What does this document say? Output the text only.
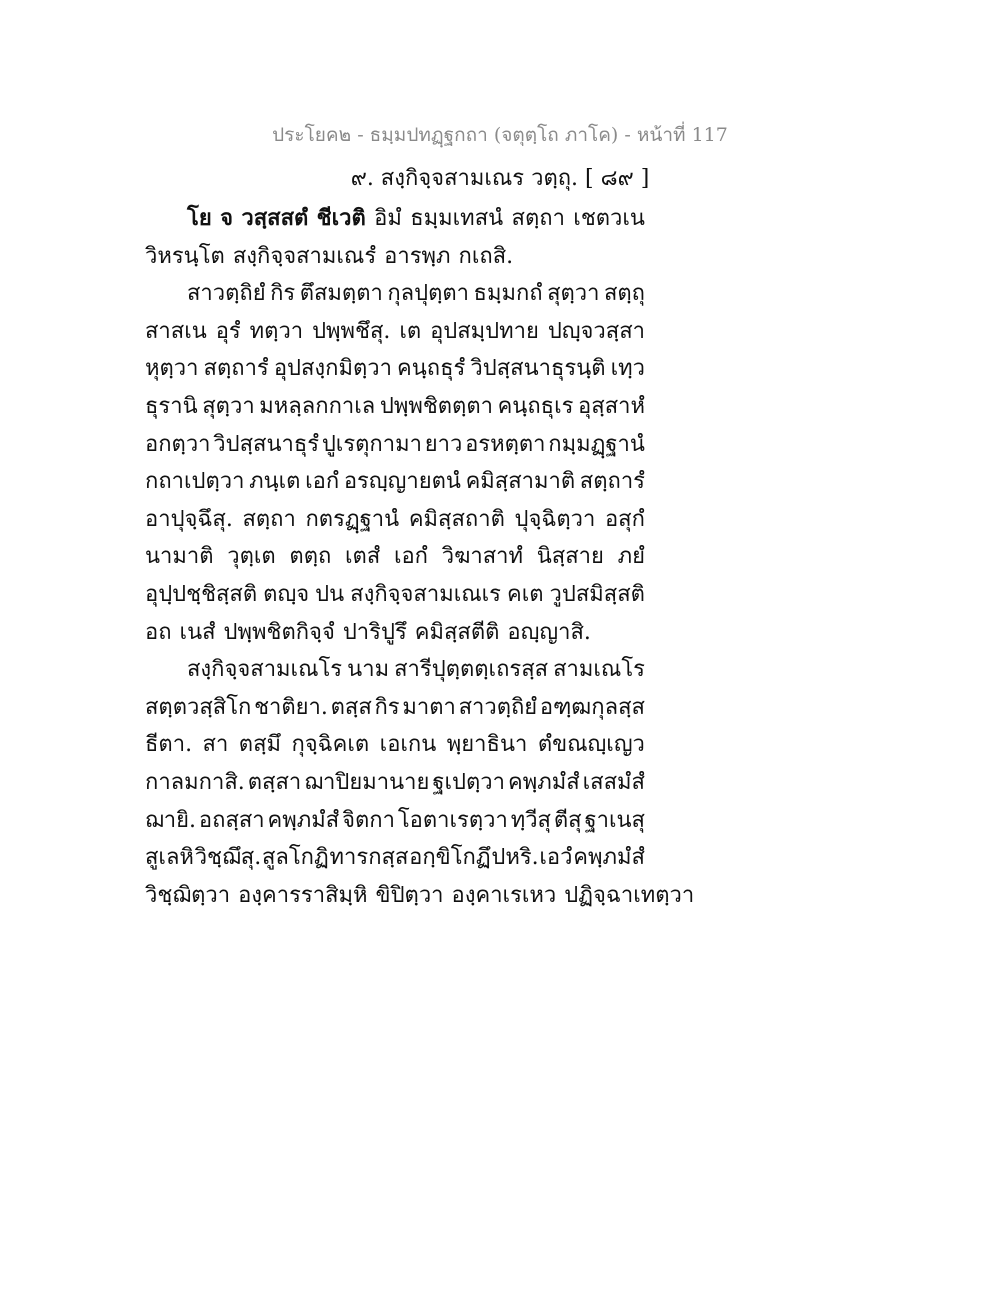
ประโยค๒ - ธมฺมปทฏฺฐกถา (จตุตฺโถ ภาโค) - หน้าที่ 117
๙. สงฺกิจฺจสามเณร วตฺถุ. [ ๘๙ ]
โย จ วสฺสสตํ ชีเวติ อิมํ ธมฺมเทสนํ สตฺถา เชตวเน
วิหรนฺโต สงฺกิจฺจสามเณรํ อารพฺภ กเถสิ.
สาวตฺถิยํ กิร ตึสมตฺตา กุลปุตฺตา ธมฺมกถํ สุตฺวา สตฺถุ
สาสเน อุรํ ทตฺวา ปพฺพชึสุ. เต อุปสมฺปทาย ปญฺจวสฺสา
หุตฺวา สตฺถารํ อุปสงฺกมิตฺวา คนฺถธุรํ วิปสฺสนาธุรนฺติ เทฺว
ธุรานิ สุตฺวา มหลฺลกกาเล ปพฺพชิตตฺตา คนฺถธุเร อุสฺสาหํ
อกตฺวา วิปสฺสนาธุรํ ปูเรตุกามา ยาว อรหตฺตา กมฺมฏฺฐานํ
กถาเปตฺวา ภนฺเต เอกํ อรญฺญายตนํ คมิสฺสามาติ สตฺถารํ
อาปุจฺฉึสุ. สตฺถา กตรฏฺฐานํ คมิสฺสถาติ ปุจฺฉิตฺวา อสุกํ
นามาติ วุตฺเต ตตฺถ เตสํ เอกํ วิฆาสาทํ นิสฺสาย ภยํ
อุปฺปชฺชิสฺสติ ตญฺจ ปน สงฺกิจฺจสามเณเร คเต วูปสมิสฺสติ
อถ เนสํ ปพฺพชิตกิจฺจํ ปาริปูรึ คมิสฺสตีติ อญฺญาสิ.
สงฺกิจฺจสามเณโร นาม สารีปุตฺตตฺเถรสฺส สามเณโร
สตฺตวสฺสิโก ชาติยา. ตสฺส กิร มาตา สาวตฺถิยํ อฑฺฒกุลสฺส
ธีตา. สา ตสฺมึ กุจฺฉิคเต เอเกน พฺยาธินา ตํขณญฺเญว
กาลมกาสิ. ตสฺสา ฌาปิยมานาย ฐเปตฺวา คพฺภมํสํ เสสมํสํ
ฌายิ. อถสฺสา คพฺภมํสํ จิตกา โอตาเรตฺวา ทฺวีสุ ตีสุ ฐาเนสุ
สูเลหิ วิชฺฌึสุ. สูลโกฏิ ทารกสฺส อกฺขิโกฏึ ปหริ. เอวํ คพฺภมํสํ
วิชฺฌิตฺวา องฺคารราสิมฺหิ ขิปิตฺวา องฺคาเรเหว ปฏิจฺฉาเทตฺวา
